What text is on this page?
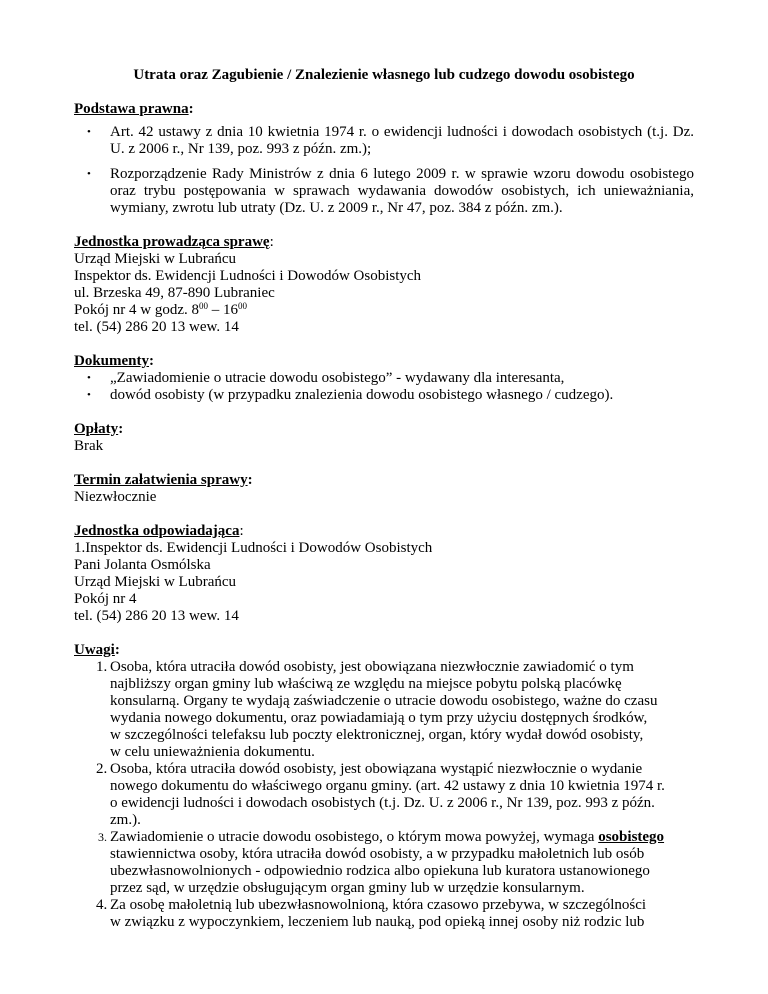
Utrata oraz Zagubienie / Znalezienie własnego lub cudzego dowodu osobistego

Podstawa prawna:

• Art. 42 ustawy z dnia 10 kwietnia 1974 r. o ewidencji ludności i dowodach osobistych (t.j. Dz. U. z 2006 r., Nr 139, poz. 993 z późn. zm.);
• Rozporządzenie Rady Ministrów z dnia 6 lutego 2009 r. w sprawie wzoru dowodu osobistego oraz trybu postępowania w sprawach wydawania dowodów osobistych, ich unieważniania, wymiany, zwrotu lub utraty (Dz. U. z 2009 r., Nr 47, poz. 384 z późn. zm.).

Jednostka prowadząca sprawę:

Urząd Miejski w Lubrańcu

Inspektor ds. Ewidencji Ludności i Dowodów Osobistych

ul. Brzeska 49, 87-890 Lubraniec

Pokój nr 4 w godz. $8^{00} - 16^{00}$

tel. (54) 286 20 13 wew. 14

Dokumenty:

• „Zawiadomienie o utracie dowodu osobistego” - wydawany dla interesanta,
• dowód osobisty (w przypadku znalezienia dowodu osobistego własnego / cudzego).

Opłaty:

Brak

Termin załatwienia sprawy:

Niezwłocznie

Jednostka odpowiadająca:

1.Inspektor ds. Ewidencji Ludności i Dowodów Osobistych

Pani Jolanta Osmólska

Urząd Miejski w Lubrańcu

Pokój nr 4

tel. (54) 286 20 13 wew. 14

Uwagi:

1. Osoba, która utraciła dowód osobisty, jest obowiązana niezwłocznie zawiadomić o tym

najbliższy organ gminy lub właściwą ze względu na miejsce pobytu polską placówkę

konsularną. Organy te wydają zaświadczenie o utracie dowodu osobistego, ważne do czasu

wydania nowego dokumentu, oraz powiadamiają o tym przy użyciu dostępnych środków,

w szczególności telefaksu lub poczty elektronicznej, organ, który wydał dowód osobisty,

w celu unieważnienia dokumentu.

2. Osoba, która utraciła dowód osobisty, jest obowiązana wystąpić niezwłocznie o wydanie

nowego dokumentu do właściwego organu gminy. (art. 42 ustawy z dnia 10 kwietnia 1974 r.

o ewidencji ludności i dowodach osobistych (t.j. Dz. U. z 2006 r., Nr 139, poz. 993 z późn.

zm.).

3. Zawiadomienie o utracie dowodu osobistego, o którym mowa powyżej, wymaga osobistego

stawiennictwa osoby, która utraciła dowód osobisty, a w przypadku małoletnich lub osób

ubezwłasnowolnionych - odpowiednio rodzica albo opiekuna lub kuratora ustanowionego

przez sąd, w urzędzie obsługującym organ gminy lub w urzędzie konsularnym.

4. Za osobę małoletnią lub ubezwłasnowolnioną, która czasowo przebywa, w szczególności

w związku z wypoczynkiem, leczeniem lub nauką, pod opieką innej osoby niż rodzic lub
